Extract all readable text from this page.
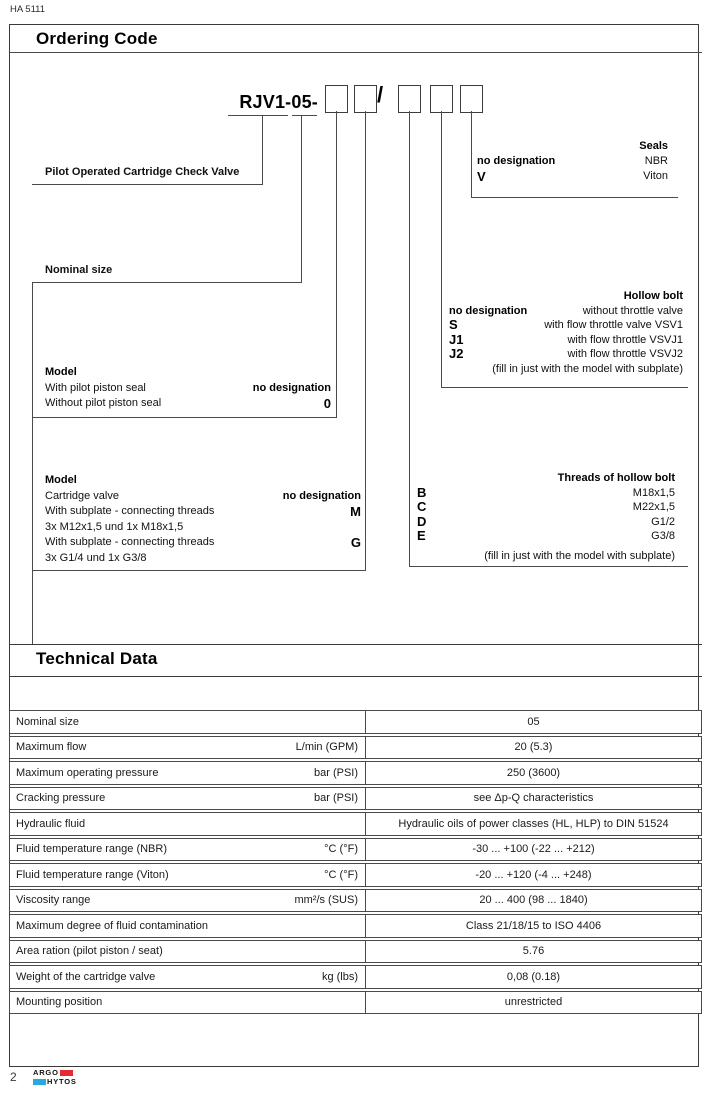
HA 5111
Ordering Code
RJV1-05-	/
Pilot Operated Cartridge Check Valve
Nominal size
Model
With pilot piston seal	no designation
Without pilot piston seal	0
Model
Cartridge valve	no designation
With subplate - connecting threads	M
3x M12x1,5 und 1x M18x1,5
With subplate - connecting threads	G
3x G1/4 und 1x G3/8
Seals
no designation	NBR
V	Viton
Hollow bolt
no designation	without throttle valve
S	with flow throttle valve VSV1
J1	with flow throttle VSVJ1
J2	with flow throttle VSVJ2
(fill in just with the model with subplate)
Threads of hollow bolt
B	M18x1,5
C	M22x1,5
D	G1/2
E	G3/8
(fill in just with the model with subplate)
Technical Data
Nominal size	05
Maximum flow	L/min (GPM)	20 (5.3)
Maximum operating pressure	bar (PSI)	250 (3600)
Cracking pressure	bar (PSI)	see Δp-Q characteristics
Hydraulic fluid	Hydraulic oils of power classes (HL, HLP) to DIN 51524
Fluid temperature range (NBR)	°C (°F)	-30 ... +100 (-22 ... +212)
Fluid temperature range (Viton)	°C (°F)	-20 ... +120 (-4 ... +248)
Viscosity range	mm²/s (SUS)	20 ... 400 (98 ... 1840)
Maximum degree of fluid contamination	Class 21/18/15 to ISO 4406
Area ration (pilot piston / seat)	5.76
Weight of the cartridge valve	kg (lbs)	0,08 (0.18)
Mounting position	unrestricted
2 ARGO
HYTOS
